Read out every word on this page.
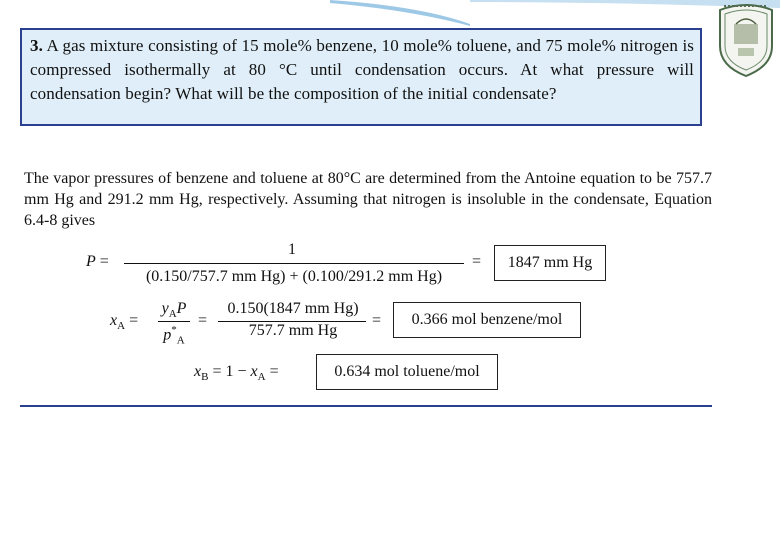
3. A gas mixture consisting of 15 mole% benzene, 10 mole% toluene, and 75 mole% nitrogen is compressed isothermally at 80 °C until condensation occurs. At what pressure will condensation begin? What will be the composition of the initial condensate?
The vapor pressures of benzene and toluene at 80°C are determined from the Antoine equation to be 757.7 mm Hg and 291.2 mm Hg, respectively. Assuming that nitrogen is insoluble in the condensate, Equation 6.4-8 gives
P =
1
(0.150/757.7 mm Hg) + (0.100/291.2 mm Hg)
=	1847 mm Hg
$x_A$ =
$y_AP$
$p^*_A$
=
0.150(1847 mm Hg)
757.7 mm Hg
=	0.366 mol benzene/mol
$x_B = 1 - x_A$ =	0.634 mol toluene/mol
